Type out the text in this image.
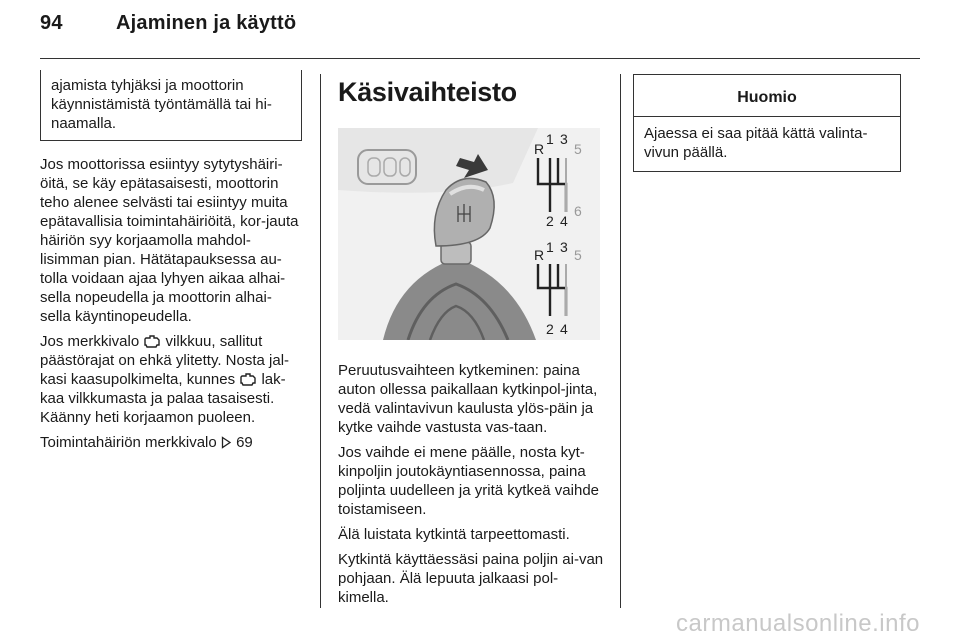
94	Ajaminen ja käyttö
ajamista tyhjäksi ja moottorin käynnistämistä työntämällä tai hi-naamalla.

Jos moottorissa esiintyy sytytyshäiri-öitä, se käy epätasaisesti, moottorin teho alenee selvästi tai esiintyy muita epätavallisia toimintahäiriöitä, kor-jauta häiriön syy korjaamolla mahdol-lisimman pian. Hätätapauksessa au-tolla voidaan ajaa lyhyen aikaa alhai-sella nopeudella ja moottorin alhai-sella käyntinopeudella.

Jos merkkivalo vilkkuu, sallitut päästörajat on ehkä ylitetty. Nosta jal-kasi kaasupolkimelta, kunnes lak-kaa vilkkumasta ja palaa tasaisesti. Käänny heti korjaamon puoleen.

Toimintahäiriön merkkivalo 69

Käsivaihteisto
R
1 3
5
2 4
6
R 1 3 5
2 4

Peruutusvaihteen kytkeminen: paina auton ollessa paikallaan kytkinpol-jinta, vedä valintavivun kaulusta ylös-päin ja kytke vaihde vastusta vas-taan.

Jos vaihde ei mene päälle, nosta kyt-kinpoljin joutokäyntiasennossa, paina poljinta uudelleen ja yritä kytkeä vaihde toistamiseen.

Älä luistata kytkintä tarpeettomasti.

Kytkintä käyttäessäsi paina poljin ai-van pohjaan. Älä lepuuta jalkaasi pol-kimella.

Huomio
Ajaessa ei saa pitää kättä valinta-vivun päällä.
carmanualsonline.info
